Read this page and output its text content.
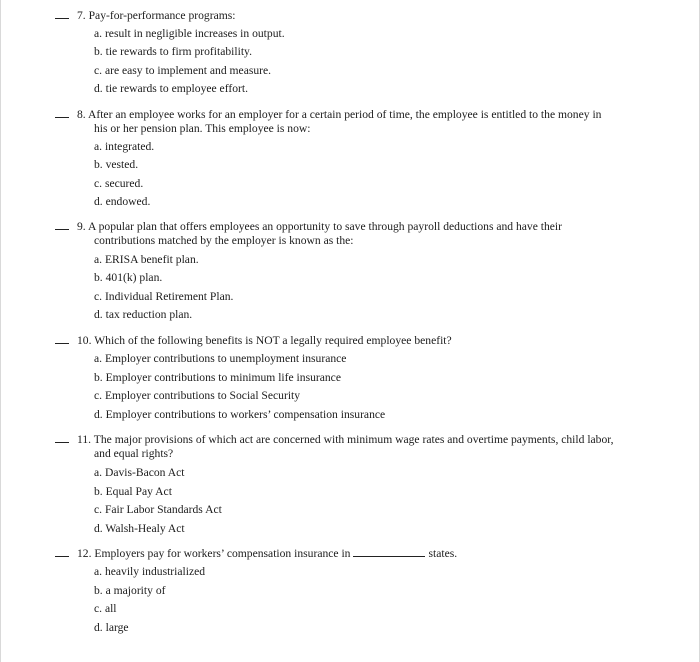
7. Pay-for-performance programs:
a. result in negligible increases in output.
b. tie rewards to firm profitability.
c. are easy to implement and measure.
d. tie rewards to employee effort.
8. After an employee works for an employer for a certain period of time, the employee is entitled to the money in
his or her pension plan. This employee is now:
a. integrated.
b. vested.
c. secured.
d. endowed.
9. A popular plan that offers employees an opportunity to save through payroll deductions and have their
contributions matched by the employer is known as the:
a. ERISA benefit plan.
b. 401(k) plan.
c. Individual Retirement Plan.
d. tax reduction plan.
10. Which of the following benefits is NOT a legally required employee benefit?
a. Employer contributions to unemployment insurance
b. Employer contributions to minimum life insurance
c. Employer contributions to Social Security
d. Employer contributions to workers’ compensation insurance
11. The major provisions of which act are concerned with minimum wage rates and overtime payments, child labor,
and equal rights?
a. Davis-Bacon Act
b. Equal Pay Act
c. Fair Labor Standards Act
d. Walsh-Healy Act
12. Employers pay for workers’ compensation insurance in	states.
a. heavily industrialized
b. a majority of
c. all
d. large
